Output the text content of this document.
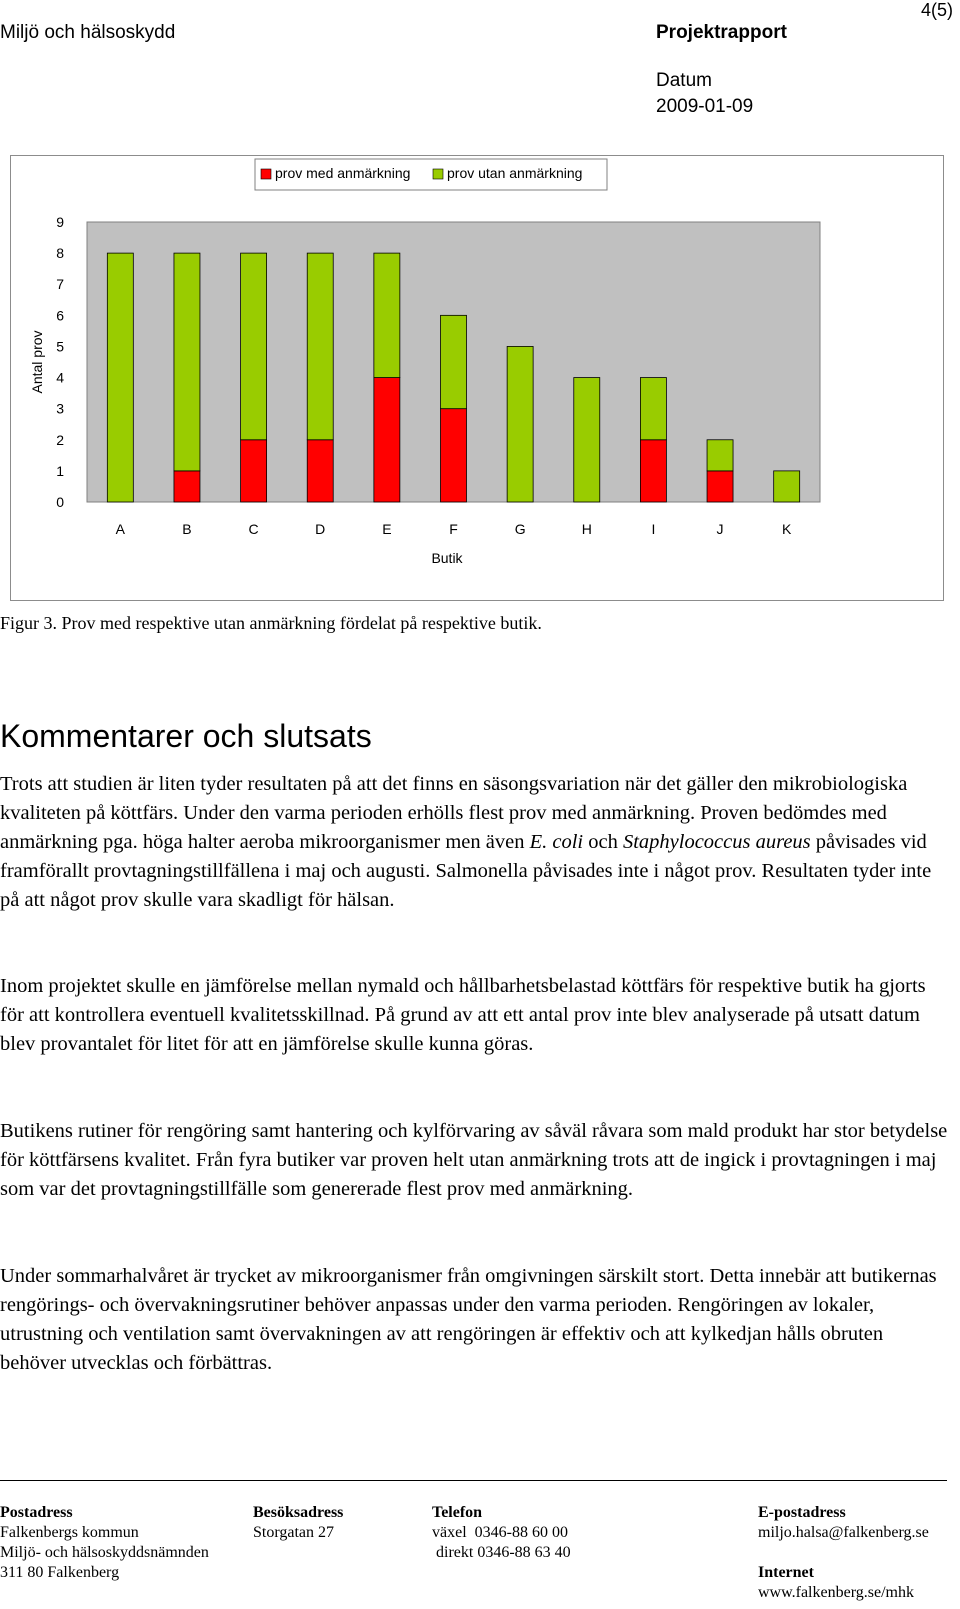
Miljö och hälsoskydd
4(5)
Projektrapport
Datum
2009-01-09
prov med anmärkning	prov utan anmärkning
0
1
2
3
4
5
6
7
8
9
Antal prov
A	B	C	D	E	F	G	H	I	J	K
Butik
Figur 3. Prov med respektive utan anmärkning fördelat på respektive butik.
Kommentarer och slutsats

Trots att studien är liten tyder resultaten på att det finns en säsongsvariation när det gäller den mikrobiologiska kvaliteten på köttfärs. Under den varma perioden erhölls flest prov med anmärkning. Proven bedömdes med anmärkning pga. höga halter aeroba mikroorganismer men även E. coli och Staphylococcus aureus påvisades vid framförallt provtagningstillfällena i maj och augusti. Salmonella påvisades inte i något prov. Resultaten tyder inte på att något prov skulle vara skadligt för hälsan.

Inom projektet skulle en jämförelse mellan nymald och hållbarhetsbelastad köttfärs för respektive butik ha gjorts för att kontrollera eventuell kvalitetsskillnad. På grund av att ett antal prov inte blev analyserade på utsatt datum blev provantalet för litet för att en jämförelse skulle kunna göras.

Butikens rutiner för rengöring samt hantering och kylförvaring av såväl råvara som mald produkt har stor betydelse för köttfärsens kvalitet. Från fyra butiker var proven helt utan anmärkning trots att de ingick i provtagningen i maj som var det provtagningstillfälle som genererade flest prov med anmärkning.

Under sommarhalvåret är trycket av mikroorganismer från omgivningen särskilt stort. Detta innebär att butikernas rengörings- och övervakningsrutiner behöver anpassas under den varma perioden. Rengöringen av lokaler, utrustning och ventilation samt övervakningen av att rengöringen är effektiv och att kylkedjan hålls obruten behöver utvecklas och förbättras.

Postadress
Falkenbergs kommun
Miljö- och hälsoskyddsnämnden
311 80 Falkenberg
Besöksadress
Storgatan 27
Telefon
växel  0346-88 60 00
direkt 0346-88 63 40
E-postadress
miljo.halsa@falkenberg.se
Internet
www.falkenberg.se/mhk
